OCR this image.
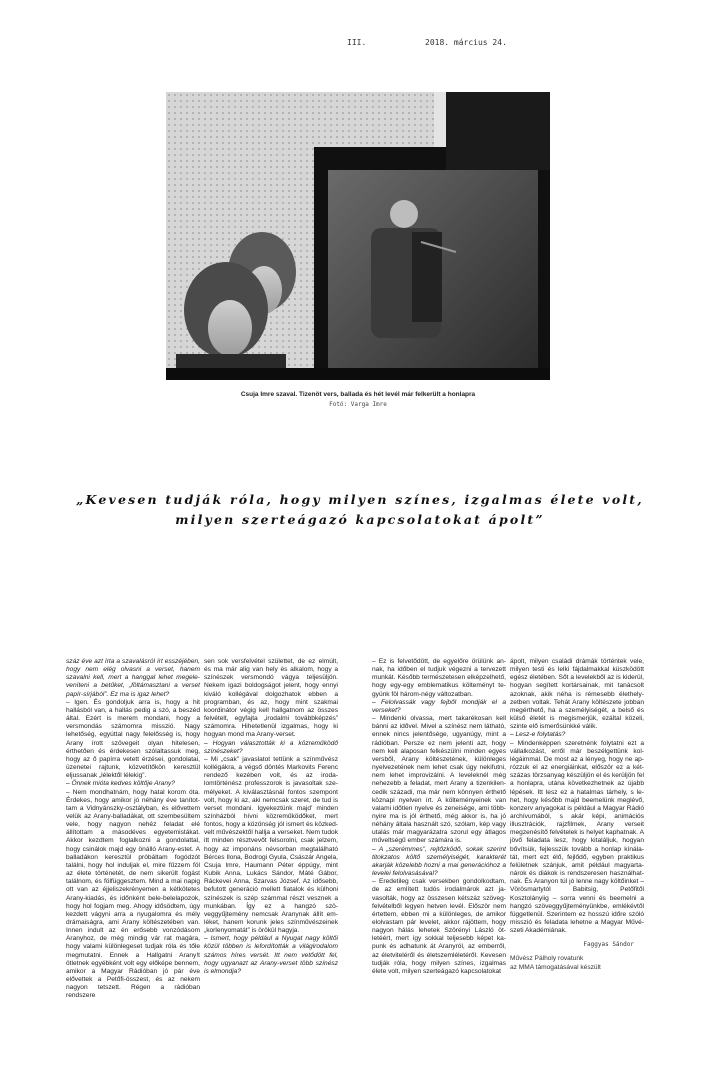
III.	2018. március 24.
Csuja Imre szaval. Tizenöt vers, ballada és hét levél már felkerült a honlapra
Fotó: Varga Imre
„Kevesen tudják róla, hogy milyen színes, izgalmas élete volt,
milyen szerteágazó kapcsolatokat ápolt”

száz éve azt írta a szavalásról írt esszéjében, hogy nem elég olvasni a verset, hanem szavalni kell, mert a hanggal lehet megeleveníteni a betűket, „föltámasztani a verset papír-sírjából”. Ez ma is igaz lehet?

– Igen. És gondoljuk arra is, hogy a hit hallásból van, a hallás pedig a szó, a beszéd által. Ezért is merem mondani, hogy a versmondás számomra misszió. Nagy lehetőség, egyúttal nagy felelősség is, hogy Arany írott szövegeit olyan hitelesen, érthetően és érdekesen szólaltassuk meg, hogy az ő papírra vetett érzései, gondolatai, üzenetei rajtunk, közvetítőkön keresztül eljussanak „lélektől lélekig”.

– Önnek mióta kedves költője Arany?

– Nem mondhatnám, hogy hatal korom óta. Érdekes, hogy amikor jó néhány éve tanítottam a Vidnyánszky-osztályban, és elővettem velük az Arany-balladákat, ott szembesültem vele, hogy nagyon nehéz feladat elé állítottam a másodéves egyetemistákat. Akkor kezdtem foglalkozni a gondolattal, hogy csinálok majd egy önálló Arany-estet. A balladákon keresztül próbáltam fogódzót találni, hogy hol induljak el, mire fűzzem föl az élete történetét, de nem sikerült fogást találnom, és fölfüggesztem. Mind a mai napig ott van az éjjeliszekrényemen a kétkötetes Arany-kiadás, és időnként bele-belelapozok, hogy hol fogjam meg. Ahogy idősödtem, úgy kezdett vágyni arra a nyugalomra és mély drámaiságra, ami Arany költészetében van. Innen indult az én erősebb vonzódásom Aranyhoz, de még mindig vár rat magára, hogy valami különlegeset tudjak róla és tőle megmutatni. Ennek a Hallgatni Arany!t ötletnek egyébként volt egy előképe bennem, amikor a Magyar Rádióban jó pár éve elővettek a Petőfi-összest, és az nekem nagyon tetszett. Régen a rádióban rendszere

sen sok versfelvétel születtet, de ez elmúlt, és ma már alig van hely és alkalom, hogy a színészek versmondó vágya teljesüljön. Nekem igazi boldogságot jelent, hogy ennyi kiváló kollégával dolgozhatok ebben a programban, és az, hogy mint szakmai koordinátor végig kell hallgatnom az összes felvételt, egyfajta „irodalmi továbbképzés” számomra. Hihetetlenül izgalmas, hogy ki hogyan mond ma Arany-verset.

– Hogyan választották ki a közreműködő színészeket?

– Mi „csak” javaslatot tettünk a színművész kollégákra, a végső döntés Markovits Ferenc rendező kezében volt, és az irodalomtörténész professzorok is javasoltak személyeket. A kiválasztásnál fontos szempont volt, hogy ki az, aki nemcsak szeret, de tud is verset mondani. Igyekeztünk majd’ minden színházból hívni közreműködőket, mert fontos, hogy a közönség jól ismert és közkedvelt művészektől hallja a verseket. Nem tudok itt minden résztvevőt felsorolni, csak jelzem, hogy az imponáns névsorban megtalálható Bérces Ilona, Bodrogi Gyula, Császár Angela, Csuja Imre, Haumann Péter éppúgy, mint Kubik Anna, Lukács Sándor, Máté Gábor, Ráckevei Anna, Szarvas József. Az idősebb, befutott generáció mellett fiatalok és külhoni színészek is szép számmal részt vesznek a munkában. Így ez a hangzó szöveggyűjtemény nemcsak Aranynak állít emléket, hanem korunk jeles színművészeinek „korlenyomatát” is örökül hagyja.

– Ismert, hogy például a Nyugat nagy költői közül többen is lefordították a világirodalom számos híres versét. Itt nem vetődött fel, hogy ugyanazt az Arany-verset több színész is elmondja?

– Ez is felvetődött, de egyelőre örülünk annak, ha időben el tudjuk végezni a tervezett munkát. Később természetesen elképzelhető, hogy egy-egy emblematikus költeményt tegyünk föl három-négy változatban.

– Felolvassák vagy fejből mondják el a verseket?

– Mindenki olvassa, mert takarékosan kell bánni az idővel. Mivel a színész nem látható, ennek nincs jelentősége, ugyanúgy, mint a rádióban. Persze ez nem jelenti azt, hogy nem kell alaposan felkészülni minden egyes versből, Arany költészetének, különleges nyelvezetének nem lehet csak úgy nekifutni, nem lehet improvizálni. A leveleknél még nehezebb a feladat, mert Arany a tizenkilencedik századi, ma már nem könnyen érthető köznapi nyelven írt. A költeményeinek van valami időtlen nyelve és zeneisége, ami többnyire ma is jól érthető, még akkor is, ha jó néhány általa használt szó, szólam, kép vagy utalás már magyarázatra szorul egy átlagos műveltségű ember számára is.

– A „szerémmes”, rejtőzködő, sokak szerint titokzatos költő személyiségét, karakterét akarják közelebb hozni a mai generációhoz a levelei felolvasásával?

– Eredetileg csak versekben gondolkodtam, de az említett tudós irodalmárok azt javasolták, hogy az összesen kétszáz szövegfelvételből legyen hetven levél. Először nem értettem, ebben mi a különleges, de amikor elolvastam pár levelet, akkor rájöttem, hogy nagyon hálás lehetek Szörényi László ötletéért, mert így sokkal teljesebb képet kapunk és adhatunk át Aranyról, az emberről, az életviteléről és életszemléletéről. Kevesen tudják róla, hogy milyen színes, izgalmas élete volt, milyen szerteágazó kapcsolatokat

ápolt, milyen családi drámák történtek vele, milyen testi és lelki fájdalmakkal küszködött egész életében. Sőt a levelekből az is kiderül, hogyan segített kortársainak, mit tanácsolt azoknak, akik néha is rémesebb élethelyzetben voltak. Tehát Arany költészete jobban megérthető, ha a személyiségét, a belső és külső életét is megismerjük, ezáltal közeli, szinte elő ismerősünkké válik.

– Lesz-e folytatás?

– Mindenképpen szeretnénk folytatni ezt a vállalkozást, erről már beszélgettünk kollégáimmal. De most az a lényeg, hogy ne aprózzuk el az energiáinkat, először ez a kétszázas törzsanyag készüljön el és kerüljön fel a honlapra, utána következhetnek az újabb lépések. Itt lesz ez a hatalmas tárhely, s lehet, hogy később majd beemelünk meglévő, konzerv anyagokat is például a Magyar Rádió archívumából, s akár képi, animációs illusztrációk, rajzfilmek, Arany verseit megzenésítő felvételek is helyet kaphatnak. A jövő feladata lesz, hogy kitaláljuk, hogyan bővítsük, fejlesszük tovább a honlap kínálatát, mert ezt élő, fejlődő, egyben praktikus felületnek szánjuk, amit például magyartanárok és diákok is rendszeresen használhatnak. És Aranyon túl jó lenne nagy költőinket – Vörösmartytól Babitsig, Petőfitől Kosztolányiig – sorra venni és beemelni a hangzó szöveggyűjteményünkbe, emlékévtől függetlenül. Szerintem ez hosszú időre szóló misszió és feladata lehetne a Magyar Művészeti Akadémiának.

Faggyas Sándor
Művész Pálholy rovatunk
az MMA támogatásával készült
